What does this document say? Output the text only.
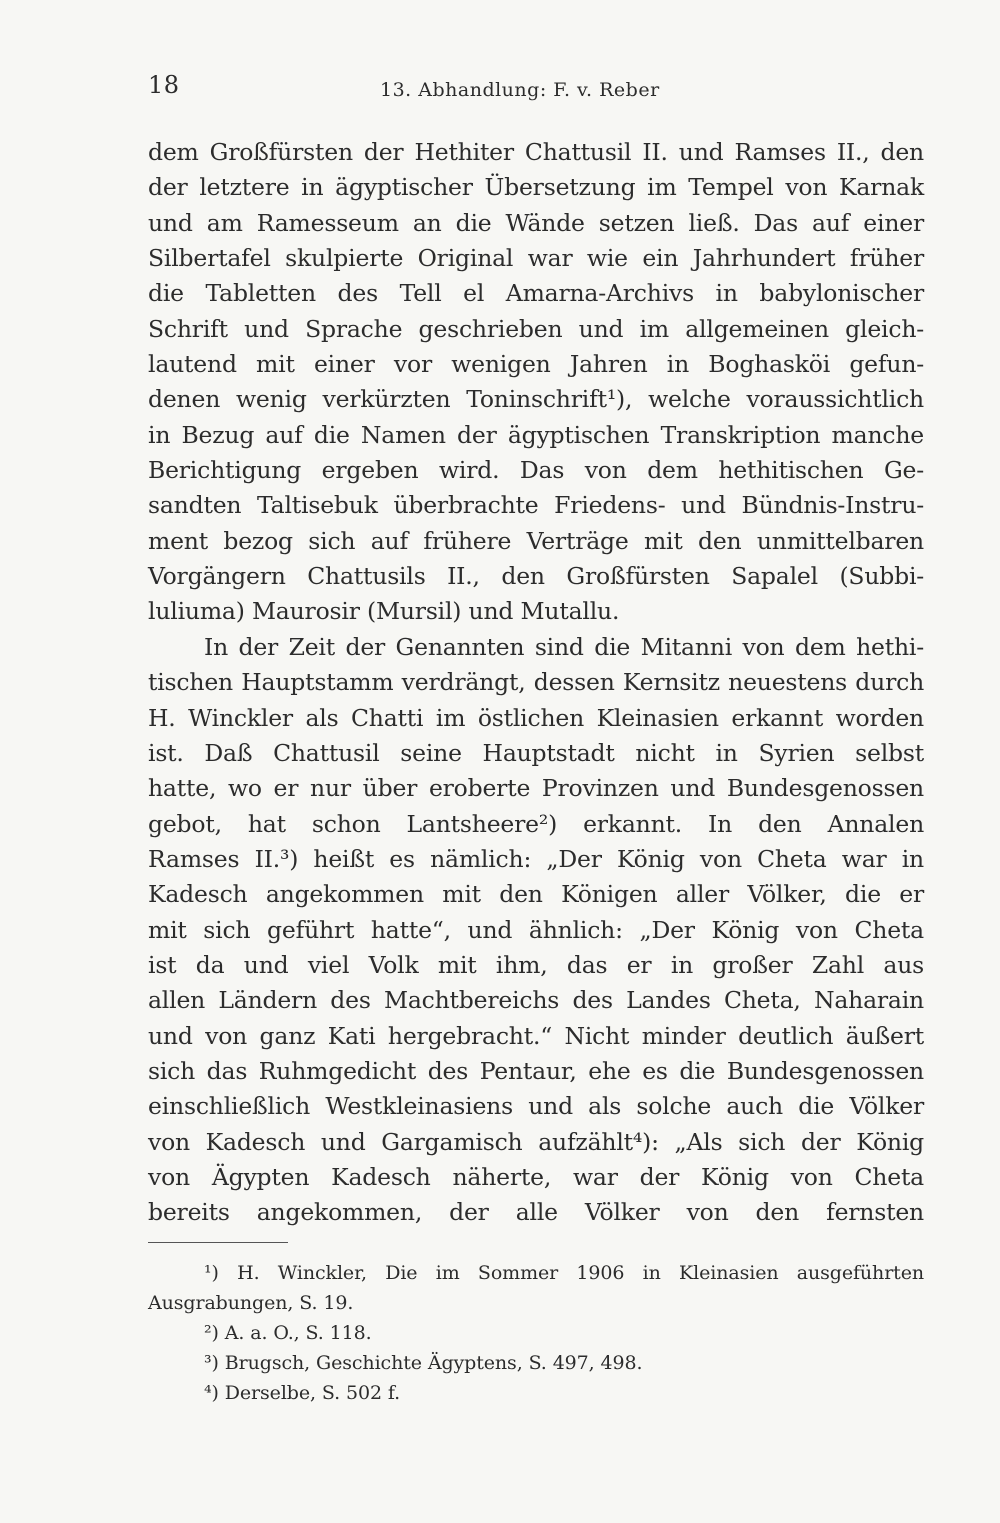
18	13. Abhandlung: F. v. Reber
dem Großfürsten der Hethiter Chattusil II. und Ramses II., den
der letztere in ägyptischer Übersetzung im Tempel von Karnak
und am Ramesseum an die Wände setzen ließ. Das auf einer
Silbertafel skulpierte Original war wie ein Jahrhundert früher
die Tabletten des Tell el Amarna-Archivs in babylonischer
Schrift und Sprache geschrieben und im allgemeinen gleich-
lautend mit einer vor wenigen Jahren in Boghasköi gefun-
denen wenig verkürzten Toninschrift¹), welche voraussichtlich
in Bezug auf die Namen der ägyptischen Transkription manche
Berichtigung ergeben wird. Das von dem hethitischen Ge-
sandten Taltisebuk überbrachte Friedens- und Bündnis-Instru-
ment bezog sich auf frühere Verträge mit den unmittelbaren
Vorgängern Chattusils II., den Großfürsten Sapalel (Subbi-
luliuma) Maurosir (Mursil) und Mutallu.
In der Zeit der Genannten sind die Mitanni von dem hethi-
tischen Hauptstamm verdrängt, dessen Kernsitz neuestens durch
H. Winckler als Chatti im östlichen Kleinasien erkannt worden
ist. Daß Chattusil seine Hauptstadt nicht in Syrien selbst
hatte, wo er nur über eroberte Provinzen und Bundesgenossen
gebot, hat schon Lantsheere²) erkannt. In den Annalen
Ramses II.³) heißt es nämlich: „Der König von Cheta war in
Kadesch angekommen mit den Königen aller Völker, die er
mit sich geführt hatte“, und ähnlich: „Der König von Cheta
ist da und viel Volk mit ihm, das er in großer Zahl aus
allen Ländern des Machtbereichs des Landes Cheta, Naharain
und von ganz Kati hergebracht.“ Nicht minder deutlich äußert
sich das Ruhmgedicht des Pentaur, ehe es die Bundesgenossen
einschließlich Westkleinasiens und als solche auch die Völker
von Kadesch und Gargamisch aufzählt⁴): „Als sich der König
von Ägypten Kadesch näherte, war der König von Cheta
bereits angekommen, der alle Völker von den fernsten
¹) H. Winckler, Die im Sommer 1906 in Kleinasien ausgeführten
Ausgrabungen, S. 19.
²) A. a. O., S. 118.
³) Brugsch, Geschichte Ägyptens, S. 497, 498.
⁴) Derselbe, S. 502 f.
